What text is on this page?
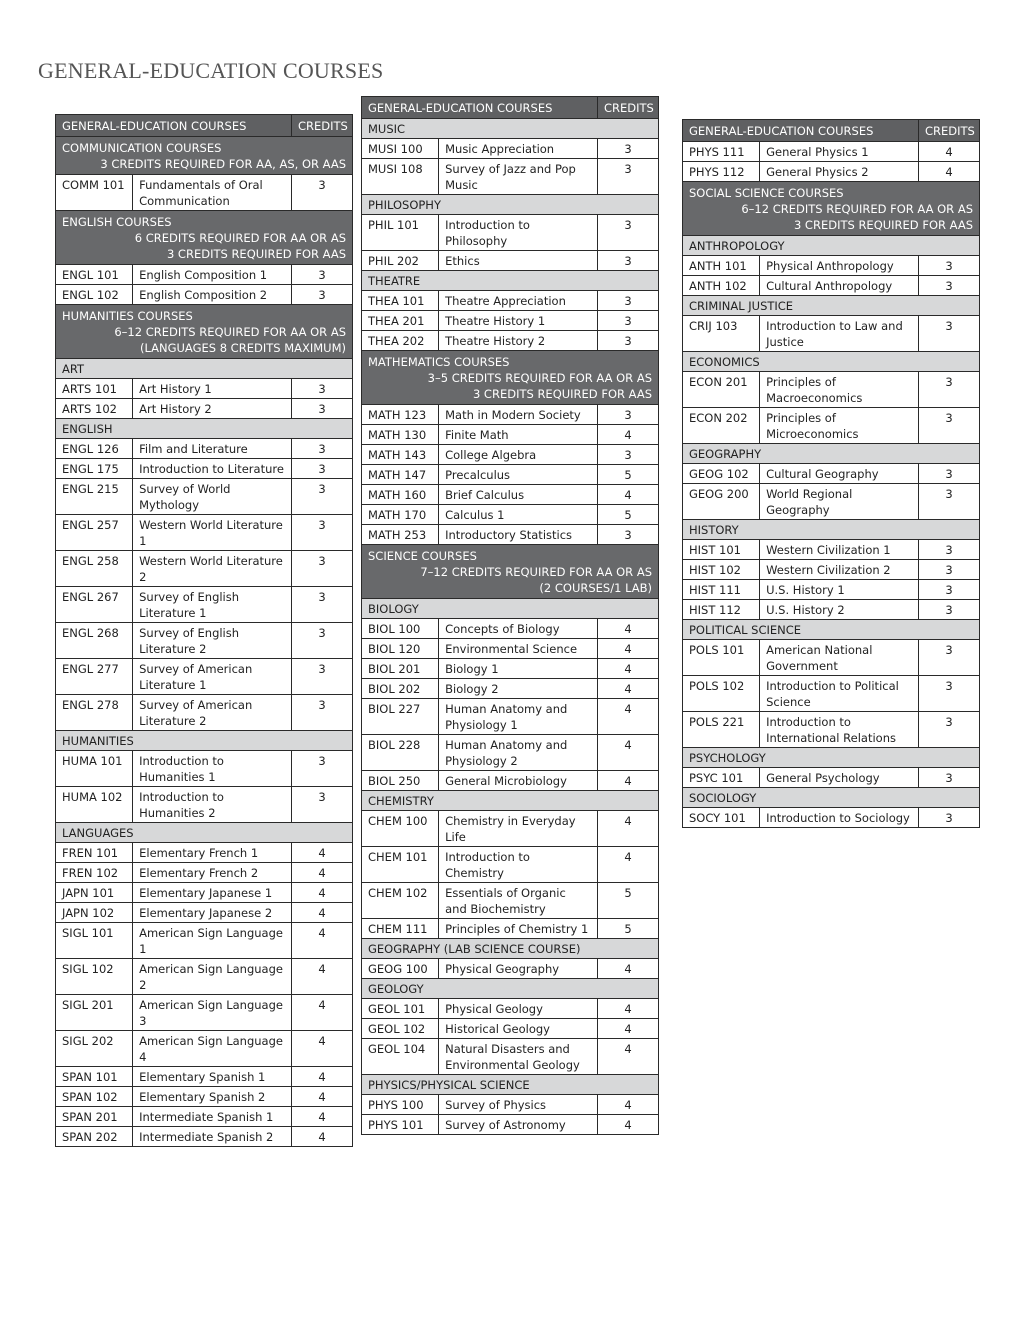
GENERAL-EDUCATION COURSES
GENERAL-EDUCATION COURSES		CREDITS

COMMUNICATION COURSES
3 CREDITS REQUIRED FOR AA, AS, OR AAS		

COMM 101	Fundamentals of Oral Communication	3

ENGLISH COURSES
6 CREDITS REQUIRED FOR AA OR AS
3 CREDITS REQUIRED FOR AAS		

ENGL 101	English Composition 1	3
ENGL 102	English Composition 2	3

HUMANITIES COURSES
6–12 CREDITS REQUIRED FOR AA OR AS
(LANGUAGES 8 CREDITS MAXIMUM)		

ART		
ARTS 101	Art History 1	3
ARTS 102	Art History 2	3
ENGLISH		
ENGL 126	Film and Literature	3
ENGL 175	Introduction to Literature	3
ENGL 215	Survey of World Mythology	3
ENGL 257	Western World Literature 1	3
ENGL 258	Western World Literature 2	3
ENGL 267	Survey of English Literature 1	3
ENGL 268	Survey of English Literature 2	3
ENGL 277	Survey of American Literature 1	3
ENGL 278	Survey of American Literature 2	3
HUMANITIES		
HUMA 101	Introduction to Humanities 1	3
HUMA 102	Introduction to Humanities 2	3
LANGUAGES		
FREN 101	Elementary French 1	4
FREN 102	Elementary French 2	4
JAPN 101	Elementary Japanese 1	4
JAPN 102	Elementary Japanese 2	4
SIGL 101	American Sign Language 1	4
SIGL 102	American Sign Language 2	4
SIGL 201	American Sign Language 3	4
SIGL 202	American Sign Language 4	4
SPAN 101	Elementary Spanish 1	4
SPAN 102	Elementary Spanish 2	4
SPAN 201	Intermediate Spanish 1	4
SPAN 202	Intermediate Spanish 2	4
GENERAL-EDUCATION COURSES		CREDITS
MUSIC		
MUSI 100	Music Appreciation	3
MUSI 108	Survey of Jazz and Pop Music	3
PHILOSOPHY		
PHIL 101	Introduction to Philosophy	3
PHIL 202	Ethics	3
THEATRE		
THEA 101	Theatre Appreciation	3
THEA 201	Theatre History 1	3
THEA 202	Theatre History 2	3

MATHEMATICS COURSES
3–5 CREDITS REQUIRED FOR AA OR AS
3 CREDITS REQUIRED FOR AAS		

MATH 123	Math in Modern Society	3
MATH 130	Finite Math	4
MATH 143	College Algebra	3
MATH 147	Precalculus	5
MATH 160	Brief Calculus	4
MATH 170	Calculus 1	5
MATH 253	Introductory Statistics	3

SCIENCE COURSES
7–12 CREDITS REQUIRED FOR AA OR AS
(2 COURSES/1 LAB)		

BIOLOGY		
BIOL 100	Concepts of Biology	4
BIOL 120	Environmental Science	4
BIOL 201	Biology 1	4
BIOL 202	Biology 2	4
BIOL 227	Human Anatomy and Physiology 1	4
BIOL 228	Human Anatomy and Physiology 2	4
BIOL 250	General Microbiology	4
CHEMISTRY		
CHEM 100	Chemistry in Everyday Life	4
CHEM 101	Introduction to Chemistry	4
CHEM 102	Essentials of Organic and Biochemistry	5
CHEM 111	Principles of Chemistry 1	5
GEOGRAPHY (LAB SCIENCE COURSE)		
GEOG 100	Physical Geography	4
GEOLOGY		
GEOL 101	Physical Geology	4
GEOL 102	Historical Geology	4
GEOL 104	Natural Disasters and Environmental Geology	4
PHYSICS/PHYSICAL SCIENCE		
PHYS 100	Survey of Physics	4
PHYS 101	Survey of Astronomy	4
GENERAL-EDUCATION COURSES		CREDITS
PHYS 111	General Physics 1	4
PHYS 112	General Physics 2	4

SOCIAL SCIENCE COURSES
6–12 CREDITS REQUIRED FOR AA OR AS
3 CREDITS REQUIRED FOR AAS		

ANTHROPOLOGY		
ANTH 101	Physical Anthropology	3
ANTH 102	Cultural Anthropology	3
CRIMINAL JUSTICE		
CRIJ 103	Introduction to Law and Justice	3
ECONOMICS		
ECON 201	Principles of Macroeconomics	3
ECON 202	Principles of Microeconomics	3
GEOGRAPHY		
GEOG 102	Cultural Geography	3
GEOG 200	World Regional Geography	3
HISTORY		
HIST 101	Western Civilization 1	3
HIST 102	Western Civilization 2	3
HIST 111	U.S. History 1	3
HIST 112	U.S. History 2	3
POLITICAL SCIENCE		
POLS 101	American National Government	3
POLS 102	Introduction to Political Science	3
POLS 221	Introduction to International Relations	3
PSYCHOLOGY		
PSYC 101	General Psychology	3
SOCIOLOGY		
SOCY 101	Introduction to Sociology	3
